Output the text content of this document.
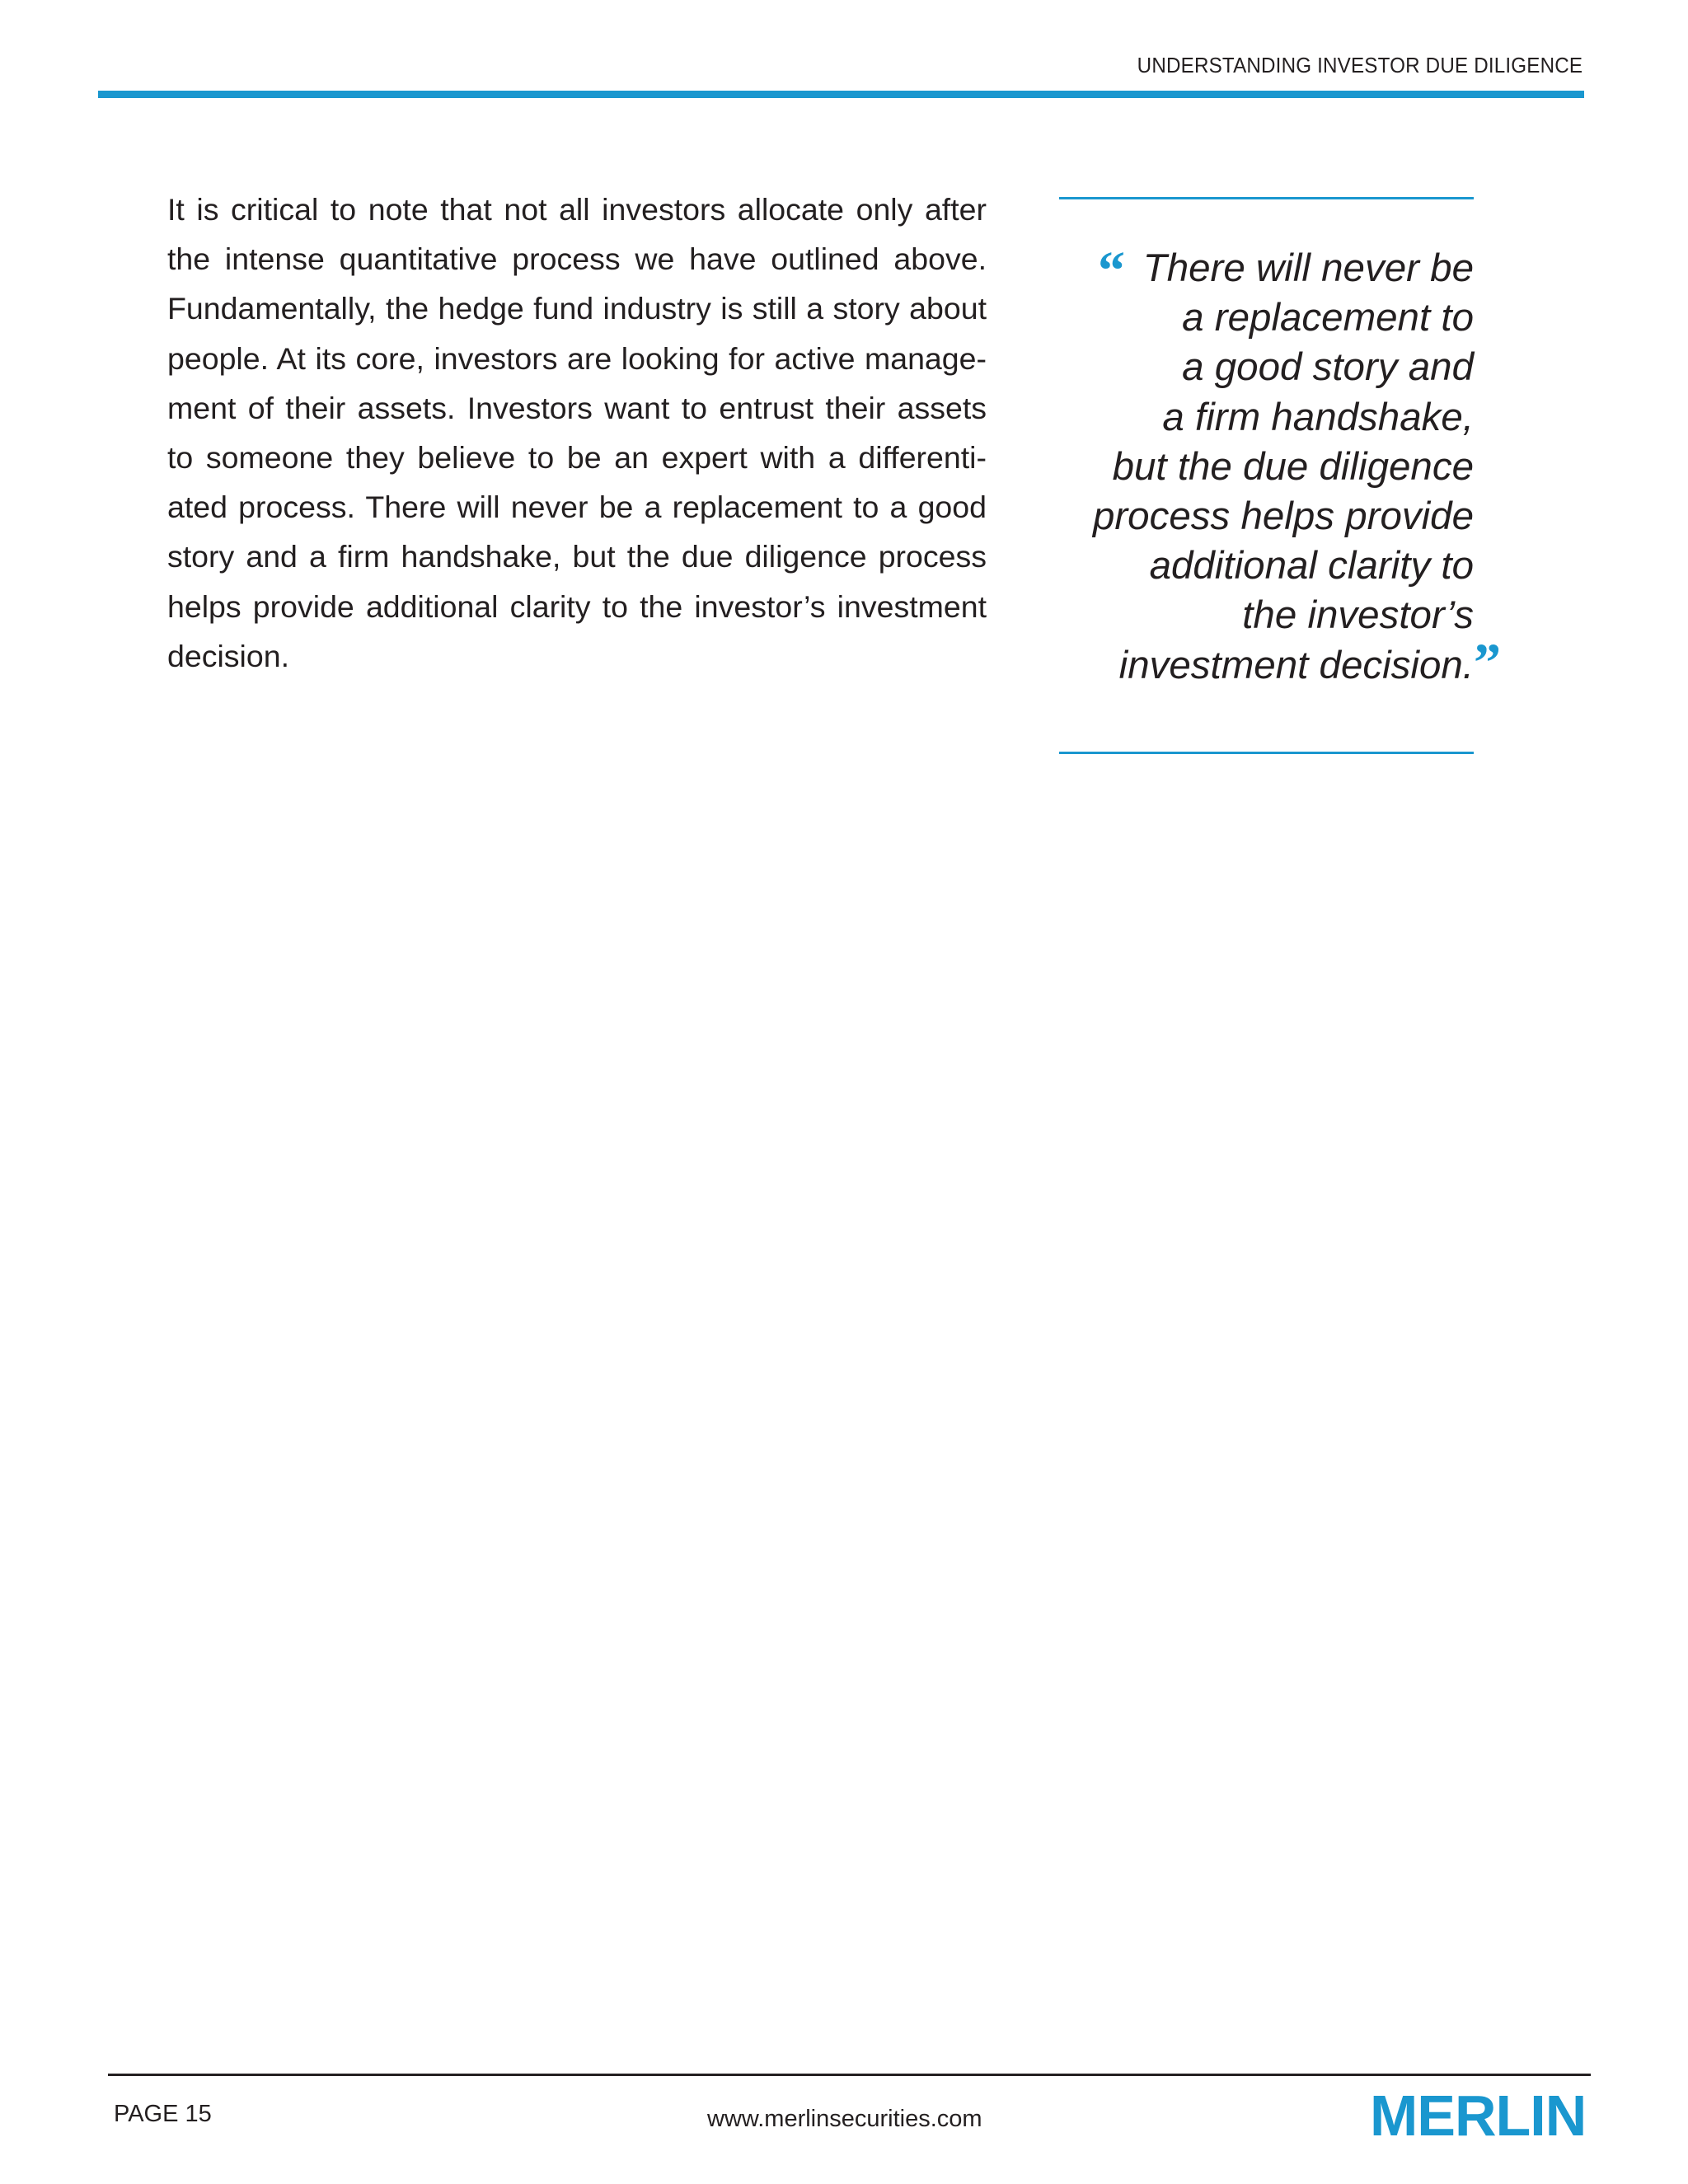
UNDERSTANDING INVESTOR DUE DILIGENCE
It is critical to note that not all investors allocate only after the intense quantitative process we have outlined above. Fundamentally, the hedge fund industry is still a story about people. At its core, investors are looking for active management of their assets. Investors want to entrust their assets to someone they believe to be an expert with a differentiated process. There will never be a replacement to a good story and a firm handshake, but the due diligence process helps provide additional clarity to the investor’s investment decision.
“ There will never be
a replacement to
a good story and
a firm handshake,
but the due diligence
process helps provide
additional clarity to
the investor’s
investment decision. ”
PAGE 15	www.merlinsecurities.com	MERLIN
